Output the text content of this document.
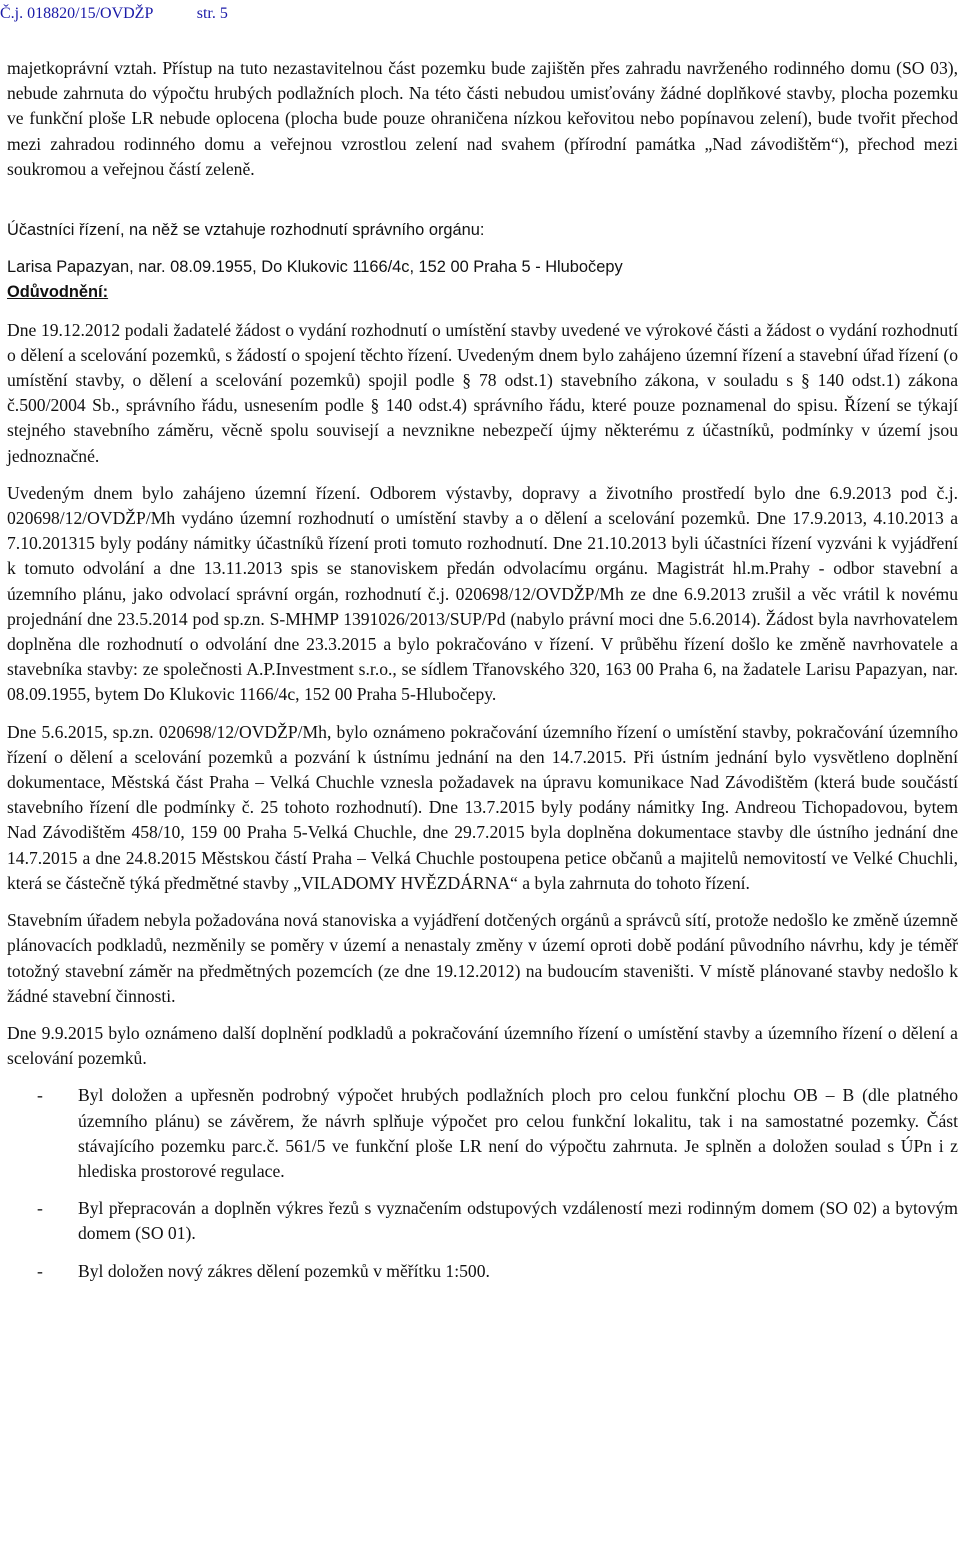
Č.j. 018820/15/OVDŽP	str. 5

majetkoprávní vztah. Přístup na tuto nezastavitelnou část pozemku bude zajištěn přes zahradu navrženého rodinného domu (SO 03), nebude zahrnuta do výpočtu hrubých podlažních ploch. Na této části nebudou umisťovány žádné doplňkové stavby, plocha pozemku ve funkční ploše LR nebude oplocena (plocha bude pouze ohraničena nízkou keřovitou nebo popínavou zelení), bude tvořit přechod mezi zahradou rodinného domu a veřejnou vzrostlou zelení nad svahem (přírodní památka „Nad závodištěm“), přechod mezi soukromou a veřejnou částí zeleně.

Účastníci řízení, na něž se vztahuje rozhodnutí správního orgánu:

Larisa Papazyan, nar. 08.09.1955, Do Klukovic 1166/4c, 152 00 Praha 5 - Hlubočepy

Odůvodnění:

Dne 19.12.2012 podali žadatelé žádost o vydání rozhodnutí o umístění stavby uvedené ve výrokové části a žádost o vydání rozhodnutí o dělení a scelování pozemků, s žádostí o spojení těchto řízení. Uvedeným dnem bylo zahájeno územní řízení a stavební úřad řízení (o umístění stavby, o dělení a scelování pozemků) spojil podle § 78 odst.1) stavebního zákona, v souladu s § 140 odst.1) zákona č.500/2004 Sb., správního řádu, usnesením podle § 140 odst.4) správního řádu, které pouze poznamenal do spisu. Řízení se týkají stejného stavebního záměru, věcně spolu souvisejí a nevznikne nebezpečí újmy některému z účastníků, podmínky v území jsou jednoznačné.

Uvedeným dnem bylo zahájeno územní řízení. Odborem výstavby, dopravy a životního prostředí bylo dne 6.9.2013 pod č.j. 020698/12/OVDŽP/Mh vydáno územní rozhodnutí o umístění stavby a o dělení a scelování pozemků. Dne 17.9.2013, 4.10.2013 a 7.10.201315 byly podány námitky účastníků řízení proti tomuto rozhodnutí. Dne 21.10.2013 byli účastníci řízení vyzváni k vyjádření k tomuto odvolání a dne 13.11.2013 spis se stanoviskem předán odvolacímu orgánu. Magistrát hl.m.Prahy - odbor stavební a územního plánu, jako odvolací správní orgán, rozhodnutí č.j. 020698/12/OVDŽP/Mh ze dne 6.9.2013 zrušil a věc vrátil k novému projednání dne 23.5.2014 pod sp.zn. S-MHMP 1391026/2013/SUP/Pd (nabylo právní moci dne 5.6.2014). Žádost byla navrhovatelem doplněna dle rozhodnutí o odvolání dne 23.3.2015 a bylo pokračováno v řízení. V průběhu řízení došlo ke změně navrhovatele a stavebníka stavby: ze společnosti A.P.Investment s.r.o., se sídlem Třanovského 320, 163 00 Praha 6, na žadatele Larisu Papazyan, nar. 08.09.1955, bytem Do Klukovic 1166/4c, 152 00 Praha 5-Hlubočepy.

Dne 5.6.2015, sp.zn. 020698/12/OVDŽP/Mh, bylo oznámeno pokračování územního řízení o umístění stavby, pokračování územního řízení o dělení a scelování pozemků a pozvání k ústnímu jednání na den 14.7.2015. Při ústním jednání bylo vysvětleno doplnění dokumentace, Městská část Praha – Velká Chuchle vznesla požadavek na úpravu komunikace Nad Závodištěm (která bude součástí stavebního řízení dle podmínky č. 25 tohoto rozhodnutí). Dne 13.7.2015 byly podány námitky Ing. Andreou Tichopadovou, bytem Nad Závodištěm 458/10, 159 00 Praha 5-Velká Chuchle, dne 29.7.2015 byla doplněna dokumentace stavby dle ústního jednání dne 14.7.2015 a dne 24.8.2015 Městskou částí Praha – Velká Chuchle postoupena petice občanů a majitelů nemovitostí ve Velké Chuchli, která se částečně týká předmětné stavby „VILADOMY HVĚZDÁRNA“ a byla zahrnuta do tohoto řízení.

Stavebním úřadem nebyla požadována nová stanoviska a vyjádření dotčených orgánů a správců sítí, protože nedošlo ke změně územně plánovacích podkladů, nezměnily se poměry v území a nenastaly změny v území oproti době podání původního návrhu, kdy je téměř totožný stavební záměr na předmětných pozemcích (ze dne 19.12.2012) na budoucím staveništi. V místě plánované stavby nedošlo k žádné stavební činnosti.

Dne 9.9.2015 bylo oznámeno další doplnění podkladů a pokračování územního řízení o umístění stavby a územního řízení o dělení a scelování pozemků.

-	Byl doložen a upřesněn podrobný výpočet hrubých podlažních ploch pro celou funkční plochu OB – B (dle platného územního plánu) se závěrem, že návrh splňuje výpočet pro celou funkční lokalitu, tak i na samostatné pozemky. Část stávajícího pozemku parc.č. 561/5 ve funkční ploše LR není do výpočtu zahrnuta. Je splněn a doložen soulad s ÚPn i z hlediska prostorové regulace.
-	Byl přepracován a doplněn výkres řezů s vyznačením odstupových vzdáleností mezi rodinným domem (SO 02) a bytovým domem (SO 01).
-	Byl doložen nový zákres dělení pozemků v měřítku 1:500.
